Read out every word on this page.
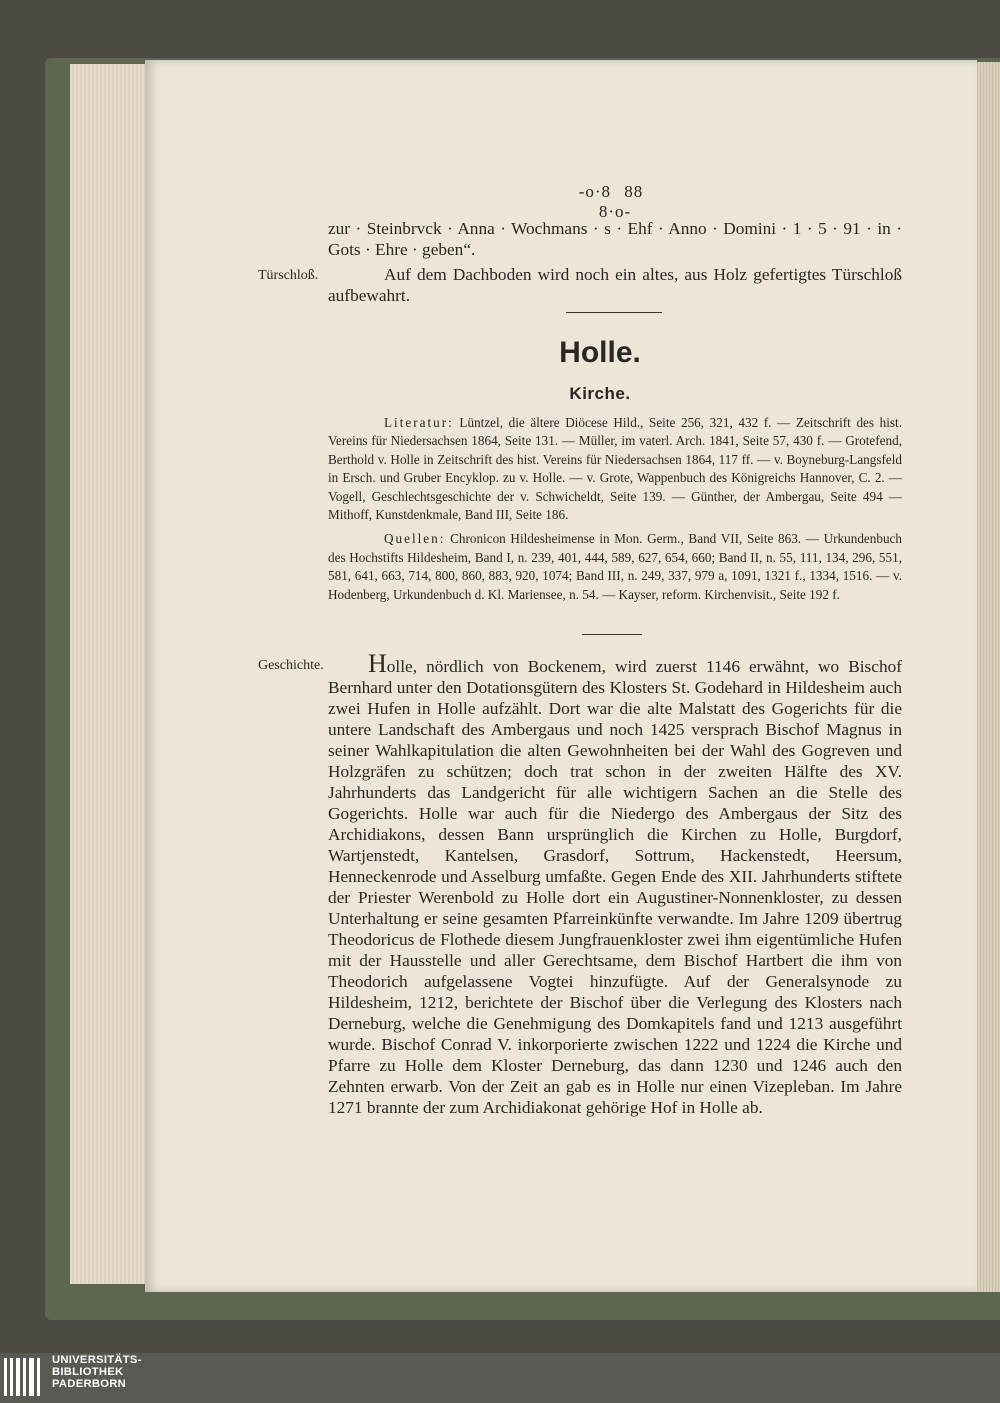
-o·8 88 8·o-
zur · Steinbrvck · Anna · Wochmans · s · Ehf · Anno · Domini · 1 · 5 · 91 · in · Gots · Ehre · geben“.
Türschloß.	Auf dem Dachboden wird noch ein altes, aus Holz gefertigtes Türschloß aufbewahrt.
Holle.
Kirche.

Literatur: Lüntzel, die ältere Diöcese Hild., Seite 256, 321, 432 f. — Zeitschrift des hist. Vereins für Niedersachsen 1864, Seite 131. — Müller, im vaterl. Arch. 1841, Seite 57, 430 f. — Grotefend, Berthold v. Holle in Zeitschrift des hist. Vereins für Niedersachsen 1864, 117 ff. — v. Boyneburg-Langsfeld in Ersch. und Gruber Encyklop. zu v. Holle. — v. Grote, Wappenbuch des Königreichs Hannover, C. 2. — Vogell, Geschlechtsgeschichte der v. Schwicheldt, Seite 139. — Günther, der Ambergau, Seite 494 — Mithoff, Kunstdenkmale, Band III, Seite 186.

Quellen: Chronicon Hildesheimense in Mon. Germ., Band VII, Seite 863. — Urkundenbuch des Hochstifts Hildesheim, Band I, n. 239, 401, 444, 589, 627, 654, 660; Band II, n. 55, 111, 134, 296, 551, 581, 641, 663, 714, 800, 860, 883, 920, 1074; Band III, n. 249, 337, 979 a, 1091, 1321 f., 1334, 1516. — v. Hodenberg, Urkundenbuch d. Kl. Mariensee, n. 54. — Kayser, reform. Kirchenvisit., Seite 192 f.

Geschichte.	Holle, nördlich von Bockenem, wird zuerst 1146 erwähnt, wo Bischof Bernhard unter den Dotationsgütern des Klosters St. Godehard in Hildesheim auch zwei Hufen in Holle aufzählt. Dort war die alte Malstatt des Gogerichts für die untere Landschaft des Ambergaus und noch 1425 versprach Bischof Magnus in seiner Wahlkapitulation die alten Gewohnheiten bei der Wahl des Gogreven und Holzgräfen zu schützen; doch trat schon in der zweiten Hälfte des XV. Jahrhunderts das Landgericht für alle wichtigern Sachen an die Stelle des Gogerichts. Holle war auch für die Niedergo des Ambergaus der Sitz des Archidiakons, dessen Bann ursprünglich die Kirchen zu Holle, Burgdorf, Wartjenstedt, Kantelsen, Grasdorf, Sottrum, Hackenstedt, Heersum, Henneckenrode und Asselburg umfaßte. Gegen Ende des XII. Jahrhunderts stiftete der Priester Werenbold zu Holle dort ein Augustiner-Nonnenkloster, zu dessen Unterhaltung er seine gesamten Pfarreinkünfte verwandte. Im Jahre 1209 übertrug Theodoricus de Flothede diesem Jungfrauenkloster zwei ihm eigentümliche Hufen mit der Hausstelle und aller Gerechtsame, dem Bischof Hartbert die ihm von Theodorich aufgelassene Vogtei hinzufügte. Auf der Generalsynode zu Hildesheim, 1212, berichtete der Bischof über die Verlegung des Klosters nach Derneburg, welche die Genehmigung des Domkapitels fand und 1213 ausgeführt wurde. Bischof Conrad V. inkorporierte zwischen 1222 und 1224 die Kirche und Pfarre zu Holle dem Kloster Derneburg, das dann 1230 und 1246 auch den Zehnten erwarb. Von der Zeit an gab es in Holle nur einen Vizepleban. Im Jahre 1271 brannte der zum Archidiakonat gehörige Hof in Holle ab.

UNIVERSITÄTS-
BIBLIOTHEK
PADERBORN
